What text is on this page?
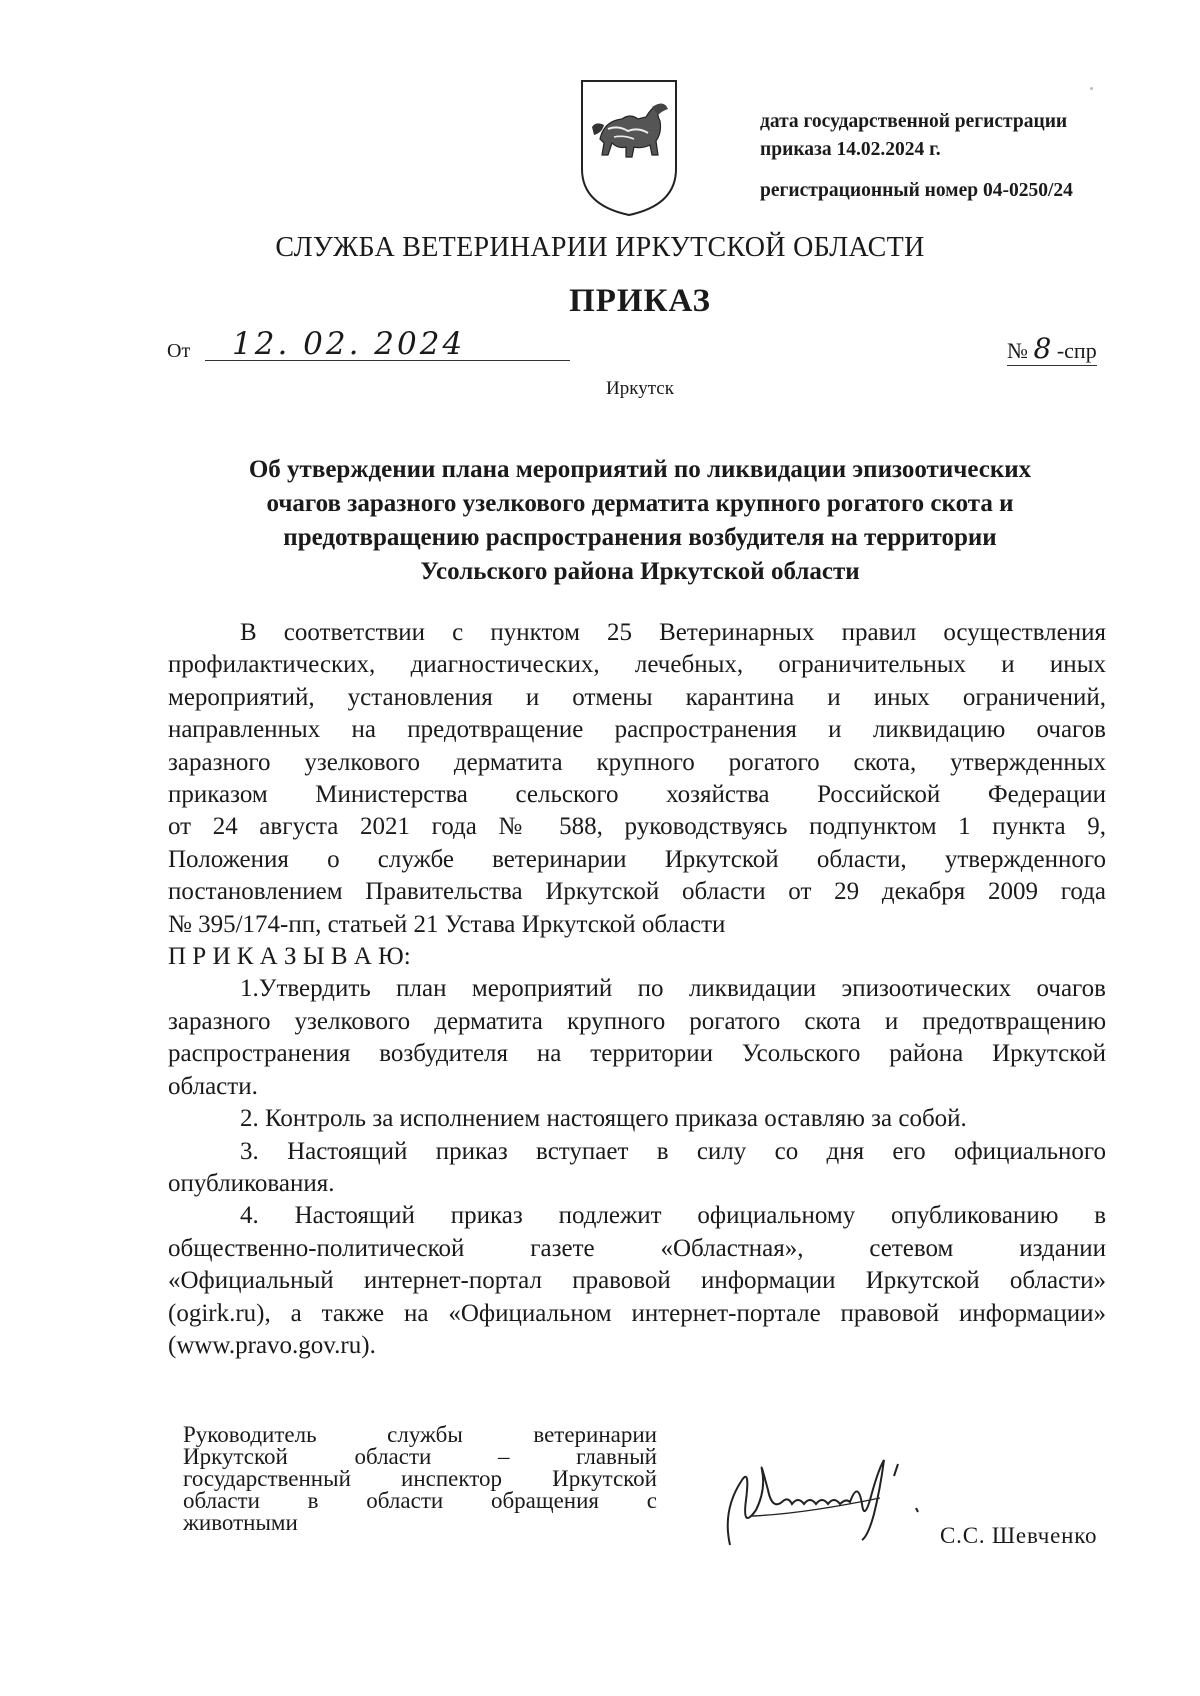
дата государственной регистрации
приказа 14.02.2024 г.
регистрационный номер 04-0250/24
СЛУЖБА ВЕТЕРИНАРИИ ИРКУТСКОЙ ОБЛАСТИ
ПРИКАЗ
От 12. 02. 2024	№ 8 -спр
Иркутск
Об утверждении плана мероприятий по ликвидации эпизоотических
очагов заразного узелкового дерматита крупного рогатого скота и
предотвращению распространения возбудителя на территории
Усольского района Иркутской области
В соответствии с пунктом 25 Ветеринарных правил осуществления
профилактических, диагностических, лечебных, ограничительных и иных
мероприятий, установления и отмены карантина и иных ограничений,
направленных на предотвращение распространения и ликвидацию очагов
заразного узелкового дерматита крупного рогатого скота, утвержденных
приказом Министерства сельского хозяйства Российской Федерации
от 24 августа 2021 года № 588, руководствуясь подпунктом 1 пункта 9,
Положения о службе ветеринарии Иркутской области, утвержденного
постановлением Правительства Иркутской области от 29 декабря 2009 года
№ 395/174-пп, статьей 21 Устава Иркутской области
П Р И К А З Ы В А Ю:
1.Утвердить план мероприятий по ликвидации эпизоотических очагов
заразного узелкового дерматита крупного рогатого скота и предотвращению
распространения возбудителя на территории Усольского района Иркутской
области.
2. Контроль за исполнением настоящего приказа оставляю за собой.
3. Настоящий приказ вступает в силу со дня его официального
опубликования.
4. Настоящий приказ подлежит официальному опубликованию в
общественно-политической газете «Областная», сетевом издании
«Официальный интернет-портал правовой информации Иркутской области»
(ogirk.ru), а также на «Официальном интернет-портале правовой информации»
(www.pravo.gov.ru).
Руководитель службы ветеринарии
Иркутской области – главный
государственный инспектор Иркутской
области в области обращения с
животными
С.С. Шевченко
